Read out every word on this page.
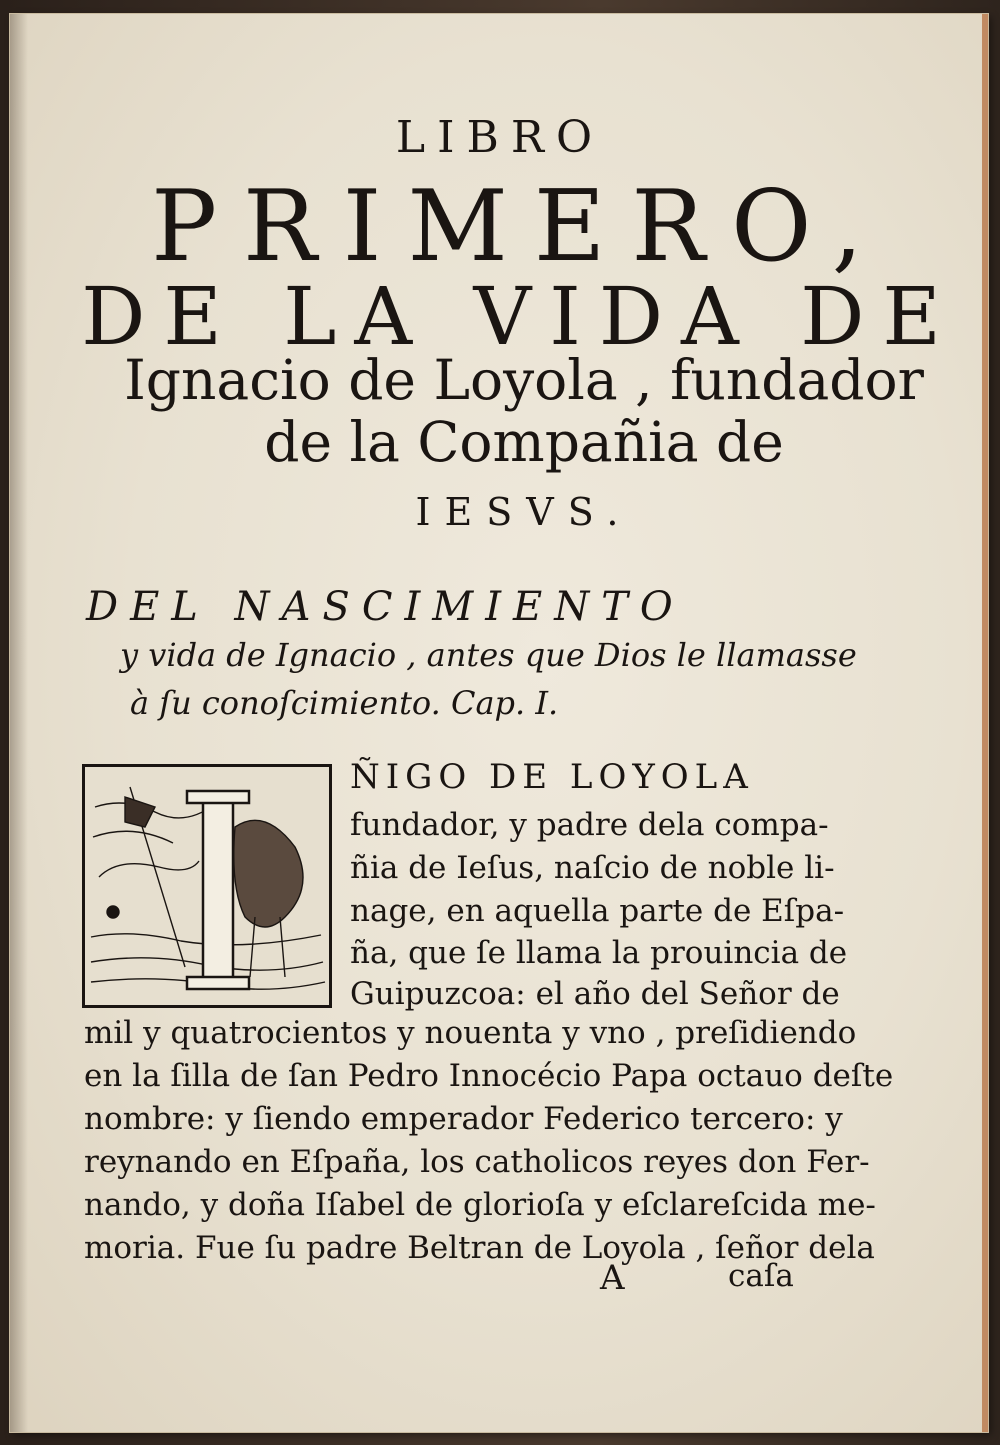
LIBRO
PRIMERO,
DE LA VIDA DE
Ignacio de Loyola , fundador
de la Compañia de
IESVS.
DEL NASCIMIENTO
y vida de Ignacio , antes que Dios le llamasse
à ſu conoſcimiento. Cap. I.
ÑIGO DE LOYOLA
fundador, y padre dela compa-
ñia de Ieſus, naſcio de noble li-
nage, en aquella parte de Eſpa-
ña, que ſe llama la prouincia de
Guipuzcoa: el año del Señor de
mil y quatrocientos y nouenta y vno , preſidiendo
en la ſilla de ſan Pedro Innocécio Papa octauo deſte
nombre: y ſiendo emperador Federico tercero: y
reynando en Eſpaña, los catholicos reyes don Fer-
nando, y doña Iſabel de glorioſa y eſclareſcida me-
moria. Fue ſu padre Beltran de Loyola , ſeñor dela
A	caſa
